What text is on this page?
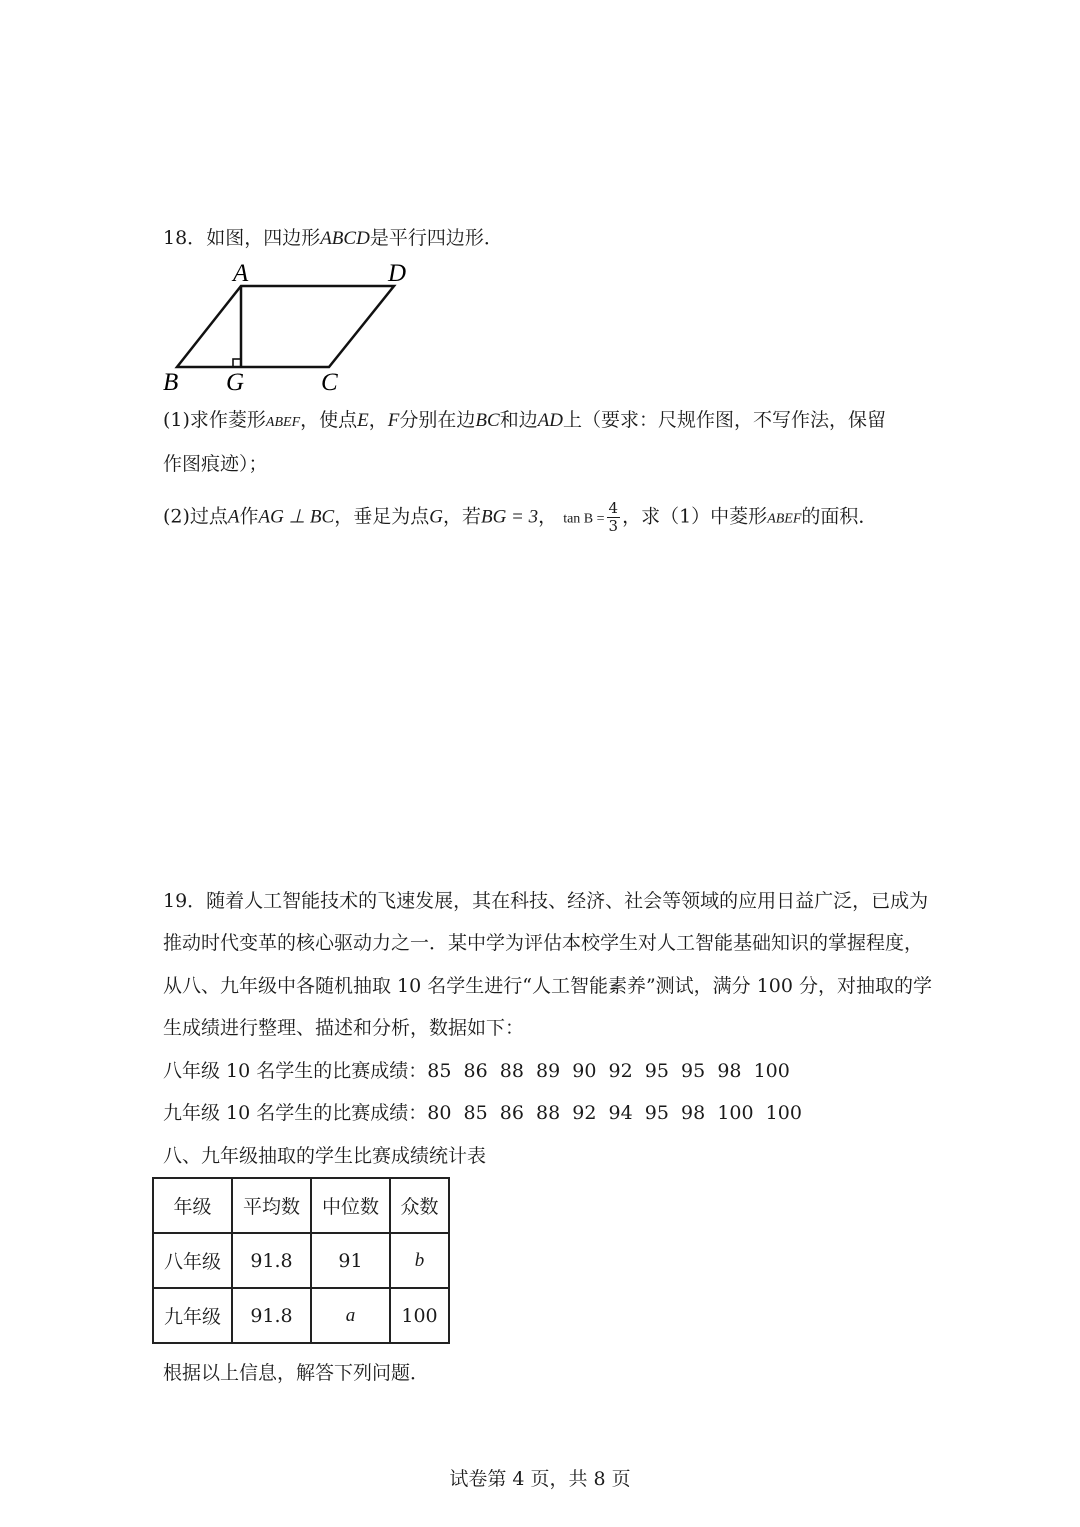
18．如图，四边形ABCD是平行四边形．
A	D
B G	C
(1)求作菱形ABEF，使点E，F分别在边BC和边AD上（要求：尺规作图，不写作法，保留
作图痕迹）；
(2)过点A作AG ⊥ BC，垂足为点G，若BG = 3， $\tan B = \frac{4}{3}$ ，求（1）中菱形ABEF的面积．
19．随着人工智能技术的飞速发展，其在科技、经济、社会等领域的应用日益广泛，已成为
推动时代变革的核心驱动力之一．某中学为评估本校学生对人工智能基础知识的掌握程度，
从八、九年级中各随机抽取 10 名学生进行“人工智能素养”测试，满分 100 分，对抽取的学
生成绩进行整理、描述和分析，数据如下：
八年级 10 名学生的比赛成绩：85  86  88  89  90  92  95  95  98  100
九年级 10 名学生的比赛成绩：80  85  86  88  92  94  95  98  100  100
八、九年级抽取的学生比赛成绩统计表
年级	平均数	中位数	众数
八年级	91.8	91	b
九年级	91.8	a	100
根据以上信息，解答下列问题．
试卷第 4 页，共 8 页
